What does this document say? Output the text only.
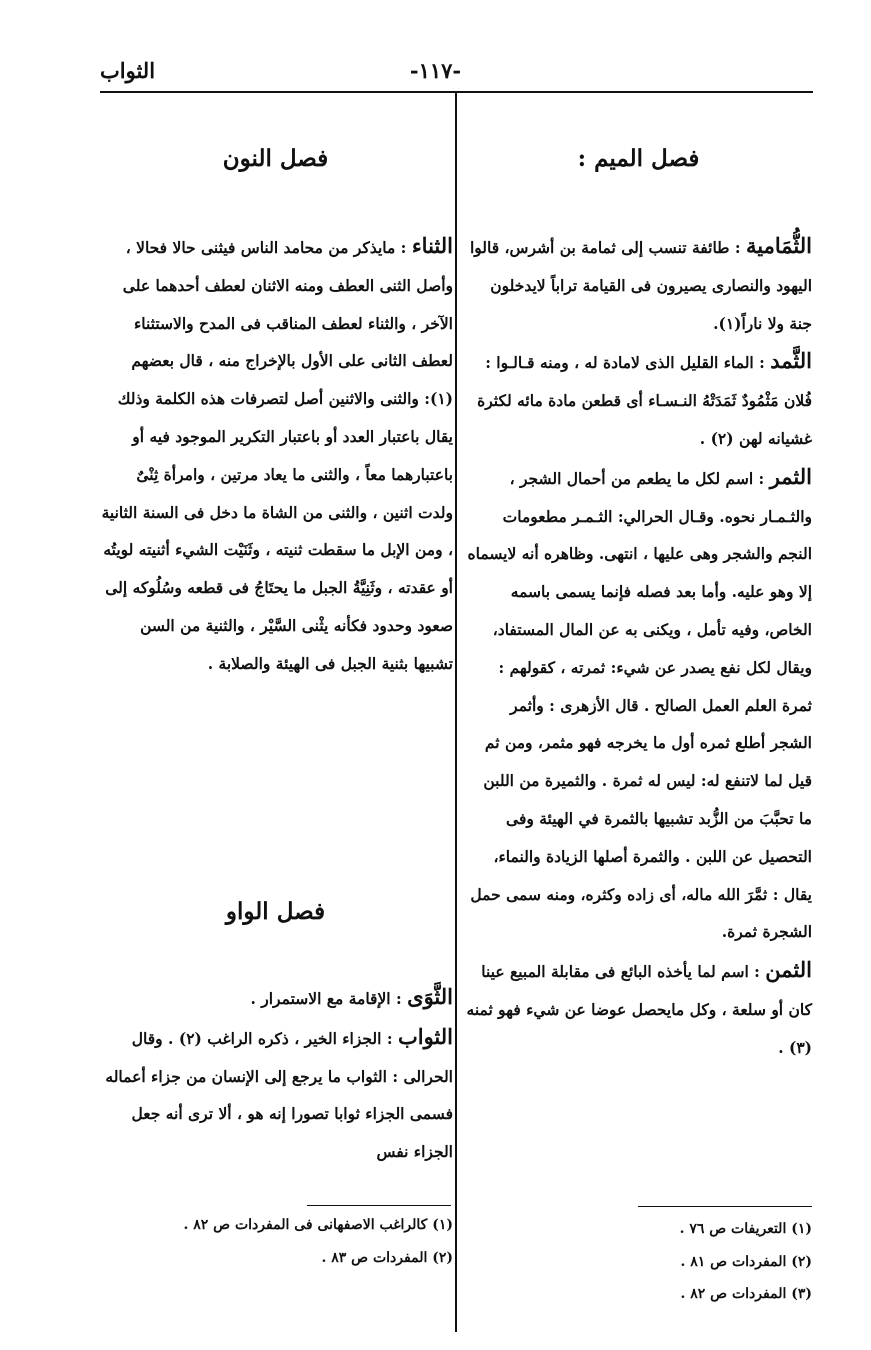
الثواب	-١١٧-
فصل الميم :

الثُّمَامية : طائفة تنسب إلى ثمامة بن أشرس، قالوا اليهود والنصارى يصيرون فى القيامة تراباً لايدخلون جنة ولا ناراً(١).

الثَّمد : الماء القليل الذى لامادة له ، ومنه قـالـوا : فُلان مَثْمُودٌ ثَمَدَتْهُ النـسـاء أى قطعن مادة مائه لكثرة غشيانه لهن (٢) .

الثمر : اسم لكل ما يطعم من أحمال الشجر ، والثـمـار نحوه. وقـال الحرالي: الثـمـر مطعومات النجم والشجر وهى عليها ، انتهى. وظاهره أنه لايسماه إلا وهو عليه. وأما بعد فصله فإنما يسمى باسمه الخاص، وفيه تأمل ، ويكنى به عن المال المستفاد، ويقال لكل نفع يصدر عن شيء: ثمرته ، كقولهم : ثمرة العلم العمل الصالح . قال الأزهرى : وأثمر الشجر أطلع ثمره أول ما يخرجه فهو مثمر، ومن ثم قيل لما لاتنفع له: ليس له ثمرة . والثميرة من اللبن ما تحبَّبَ من الزُّبد تشبيها بالثمرة في الهيئة وفى التحصيل عن اللبن . والثمرة أصلها الزيادة والنماء، يقال : ثمَّرَ الله ماله، أى زاده وكثره، ومنه سمى حمل الشجرة ثمرة.

الثمن : اسم لما يأخذه البائع فى مقابلة المبيع عينا كان أو سلعة ، وكل مايحصل عوضا عن شيء فهو ثمنه (٣) .

(١) التعريفات ص ٧٦ .

(٢) المفردات ص ٨١ .

(٣) المفردات ص ٨٢ .

فصل النون

الثناء : مايذكر من محامد الناس فيثنى حالا فحالا ، وأصل الثنى العطف ومنه الاثنان لعطف أحدهما على الآخر ، والثناء لعطف المناقب فى المدح والاستثناء لعطف الثانى على الأول بالإخراج منه ، قال بعضهم (١): والثنى والاثنين أصل لتصرفات هذه الكلمة وذلك يقال باعتبار العدد أو باعتبار التكرير الموجود فيه أو باعتبارهما معاً ، والثنى ما يعاد مرتين ، وامرأة ثِنْىٌ ولدت اثنين ، والثنى من الشاة ما دخل فى السنة الثانية ، ومن الإبل ما سقطت ثنيته ، وثَنَيْت الشيء أثنيته لويتُه أو عقدته ، وثَنِيَّةُ الجبل ما يحتَاجُ فى قطعه وسُلُوكه إلى صعود وحدود فكأنه يثْنى السَّيْر ، والثنية من السن تشبيها بثنية الجبل فى الهيئة والصلابة .

فصل الواو

الثَّوَى : الإقامة مع الاستمرار .

الثواب : الجزاء الخير ، ذكره الراغب (٢) . وقال الحرالى : الثواب ما يرجع إلى الإنسان من جزاء أعماله فسمى الجزاء ثوابا تصورا إنه هو ، ألا ترى أنه جعل الجزاء نفس

(١) كالراغب الاصفهانى فى المفردات ص ٨٢ .

(٢) المفردات ص ٨٣ .
